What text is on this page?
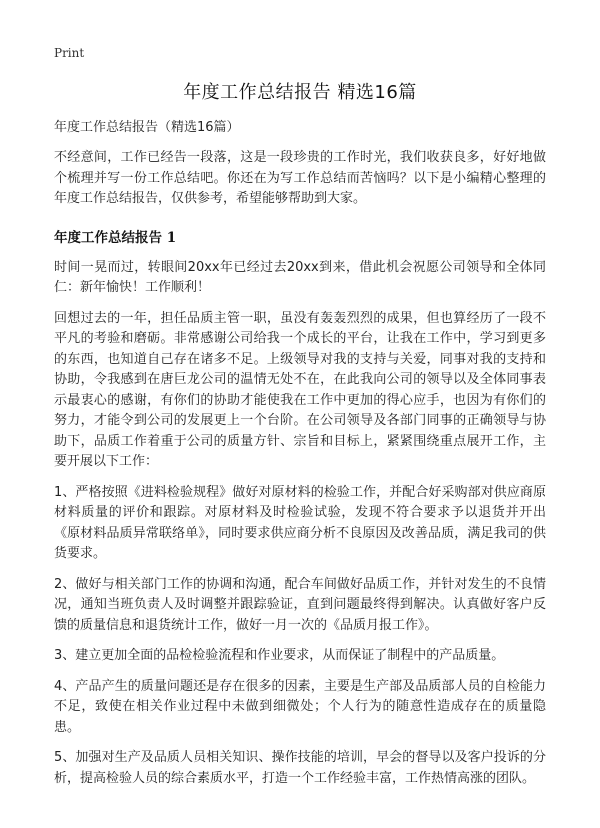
Print
年度工作总结报告 精选16篇
年度工作总结报告（精选16篇）

不经意间，工作已经告一段落，这是一段珍贵的工作时光，我们收获良多，好好地做个梳理并写一份工作总结吧。你还在为写工作总结而苦恼吗？以下是小编精心整理的年度工作总结报告，仅供参考，希望能够帮助到大家。

年度工作总结报告 1

时间一晃而过，转眼间20xx年已经过去20xx到来，借此机会祝愿公司领导和全体同仁：新年愉快！工作顺利！

回想过去的一年，担任品质主管一职，虽没有轰轰烈烈的成果，但也算经历了一段不平凡的考验和磨砺。非常感谢公司给我一个成长的平台，让我在工作中，学习到更多的东西，也知道自己存在诸多不足。上级领导对我的支持与关爱，同事对我的支持和协助，令我感到在唐巨龙公司的温情无处不在，在此我向公司的领导以及全体同事表示最衷心的感谢，有你们的协助才能使我在工作中更加的得心应手，也因为有你们的努力，才能令到公司的发展更上一个台阶。在公司领导及各部门同事的正确领导与协助下，品质工作着重于公司的质量方针、宗旨和目标上，紧紧围绕重点展开工作，主要开展以下工作：

1、严格按照《进料检验规程》做好对原材料的检验工作，并配合好采购部对供应商原材料质量的评价和跟踪。对原材料及时检验试验，发现不符合要求予以退货并开出《原材料品质异常联络单》，同时要求供应商分析不良原因及改善品质，满足我司的供货要求。

2、做好与相关部门工作的协调和沟通，配合车间做好品质工作，并针对发生的不良情况，通知当班负责人及时调整并跟踪验证，直到问题最终得到解决。认真做好客户反馈的质量信息和退货统计工作，做好一月一次的《品质月报工作》。

3、建立更加全面的品检检验流程和作业要求，从而保证了制程中的产品质量。

4、产品产生的质量问题还是存在很多的因素，主要是生产部及品质部人员的自检能力不足，致使在相关作业过程中未做到细微处；个人行为的随意性造成存在的质量隐患。

5、加强对生产及品质人员相关知识、操作技能的培训，早会的督导以及客户投诉的分析，提高检验人员的综合素质水平，打造一个工作经验丰富，工作热情高涨的团队。
